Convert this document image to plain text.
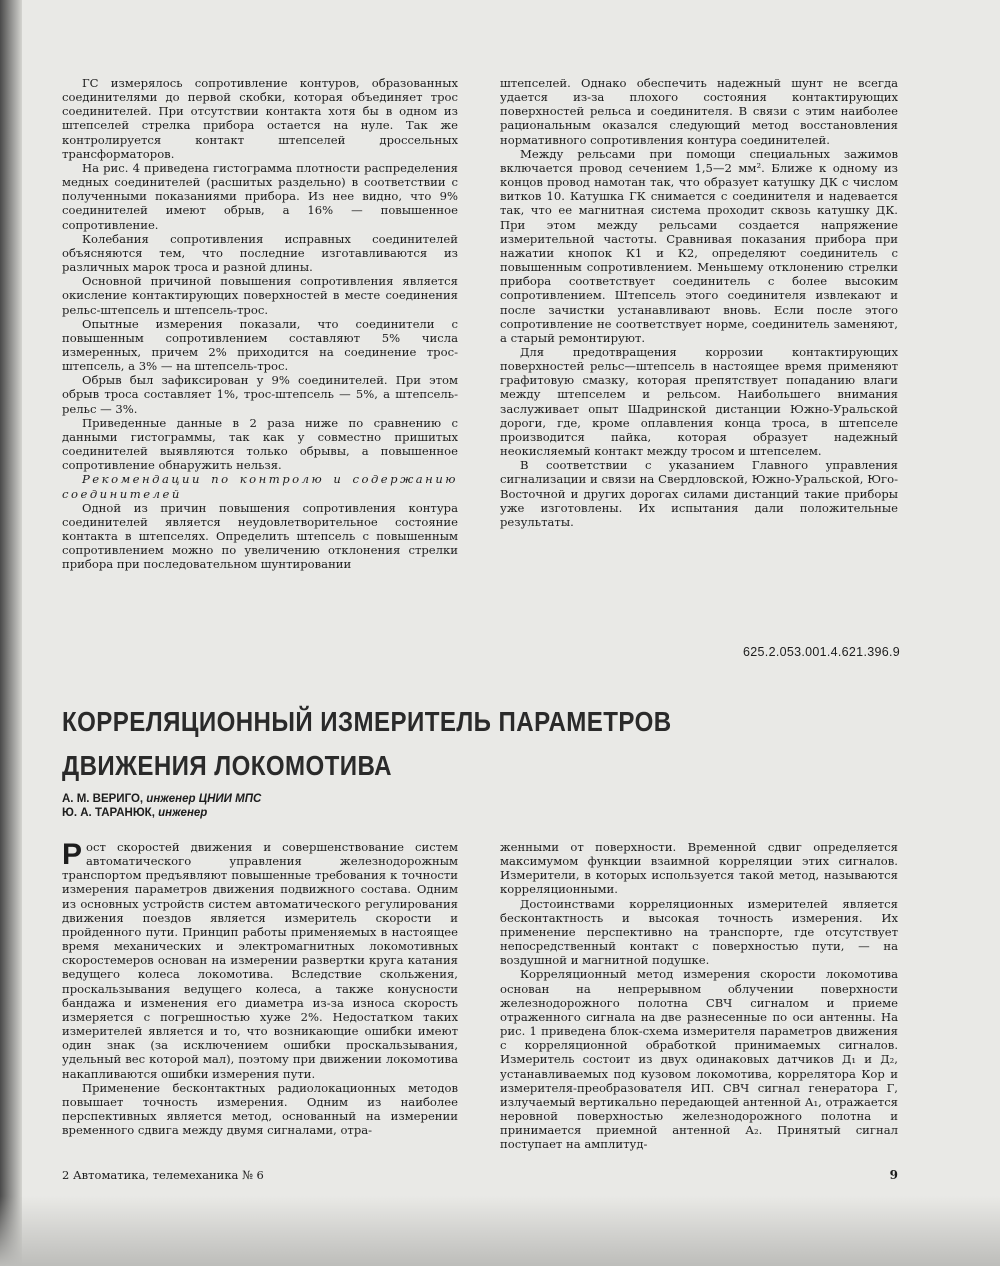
ГС измерялось сопротивление контуров, образованных соединителями до первой скобки, которая объединяет трос соединителей. При отсутствии контакта хотя бы в одном из штепселей стрелка прибора остается на нуле. Так же контролируется контакт штепселей дроссельных трансформаторов.

На рис. 4 приведена гистограмма плотности распределения медных соединителей (расшитых раздельно) в соответствии с полученными показаниями прибора. Из нее видно, что 9% соединителей имеют обрыв, а 16% — повышенное сопротивление.

Колебания сопротивления исправных соединителей объясняются тем, что последние изготавливаются из различных марок троса и разной длины.

Основной причиной повышения сопротивления является окисление контактирующих поверхностей в месте соединения рельс-штепсель и штепсель-трос.

Опытные измерения показали, что соединители с повышенным сопротивлением составляют 5% числа измеренных, причем 2% приходится на соединение трос-штепсель, а 3% — на штепсель-трос.

Обрыв был зафиксирован у 9% соединителей. При этом обрыв троса составляет 1%, трос-штепсель — 5%, а штепсель-рельс — 3%.

Приведенные данные в 2 раза ниже по сравнению с данными гистограммы, так как у совместно пришитых соединителей выявляются только обрывы, а повышенное сопротивление обнаружить нельзя.

Рекомендации по контролю и содержанию соединителей

Одной из причин повышения сопротивления контура соединителей является неудовлетворительное состояние контакта в штепселях. Определить штепсель с повышенным сопротивлением можно по увеличению отклонения стрелки прибора при последовательном шунтировании

штепселей. Однако обеспечить надежный шунт не всегда удается из-за плохого состояния контактирующих поверхностей рельса и соединителя. В связи с этим наиболее рациональным оказался следующий метод восстановления нормативного сопротивления контура соединителей.

Между рельсами при помощи специальных зажимов включается провод сечением 1,5—2 мм². Ближе к одному из концов провод намотан так, что образует катушку ДК с числом витков 10. Катушка ГК снимается с соединителя и надевается так, что ее магнитная система проходит сквозь катушку ДК. При этом между рельсами создается напряжение измерительной частоты. Сравнивая показания прибора при нажатии кнопок К1 и К2, определяют соединитель с повышенным сопротивлением. Меньшему отклонению стрелки прибора соответствует соединитель с более высоким сопротивлением. Штепсель этого соединителя извлекают и после зачистки устанавливают вновь. Если после этого сопротивление не соответствует норме, соединитель заменяют, а старый ремонтируют.

Для предотвращения коррозии контактирующих поверхностей рельс—штепсель в настоящее время применяют графитовую смазку, которая препятствует попаданию влаги между штепселем и рельсом. Наибольшего внимания заслуживает опыт Шадринской дистанции Южно-Уральской дороги, где, кроме оплавления конца троса, в штепселе производится пайка, которая образует надежный неокисляемый контакт между тросом и штепселем.

В соответствии с указанием Главного управления сигнализации и связи на Свердловской, Южно-Уральской, Юго-Восточной и других дорогах силами дистанций такие приборы уже изготовлены. Их испытания дали положительные результаты.

625.2.053.001.4.621.396.9
КОРРЕЛЯЦИОННЫЙ ИЗМЕРИТЕЛЬ ПАРАМЕТРОВ
ДВИЖЕНИЯ ЛОКОМОТИВА
А. М. ВЕРИГО, инженер ЦНИИ МПС
Ю. А. ТАРАНЮК, инженер

Рост скоростей движения и совершенствование систем автоматического управления железнодорожным транспортом предъявляют повышенные требования к точности измерения параметров движения подвижного состава. Одним из основных устройств систем автоматического регулирования движения поездов является измеритель скорости и пройденного пути. Принцип работы применяемых в настоящее время механических и электромагнитных локомотивных скоростемеров основан на измерении развертки круга катания ведущего колеса локомотива. Вследствие скольжения, проскальзывания ведущего колеса, а также конусности бандажа и изменения его диаметра из-за износа скорость измеряется с погрешностью хуже 2%. Недостатком таких измерителей является и то, что возникающие ошибки имеют один знак (за исключением ошибки проскальзывания, удельный вес которой мал), поэтому при движении локомотива накапливаются ошибки измерения пути.

Применение бесконтактных радиолокационных методов повышает точность измерения. Одним из наиболее перспективных является метод, основанный на измерении временного сдвига между двумя сигналами, отра-

женными от поверхности. Временной сдвиг определяется максимумом функции взаимной корреляции этих сигналов. Измерители, в которых используется такой метод, называются корреляционными.

Достоинствами корреляционных измерителей является бесконтактность и высокая точность измерения. Их применение перспективно на транспорте, где отсутствует непосредственный контакт с поверхностью пути, — на воздушной и магнитной подушке.

Корреляционный метод измерения скорости локомотива основан на непрерывном облучении поверхности железнодорожного полотна СВЧ сигналом и приеме отраженного сигнала на две разнесенные по оси антенны. На рис. 1 приведена блок-схема измерителя параметров движения с корреляционной обработкой принимаемых сигналов. Измеритель состоит из двух одинаковых датчиков Д₁ и Д₂, устанавливаемых под кузовом локомотива, коррелятора Кор и измерителя-преобразователя ИП. СВЧ сигнал генератора Г, излучаемый вертикально передающей антенной А₁, отражается неровной поверхностью железнодорожного полотна и принимается приемной антенной А₂. Принятый сигнал поступает на амплитуд-

2 Автоматика, телемеханика № 6	9
